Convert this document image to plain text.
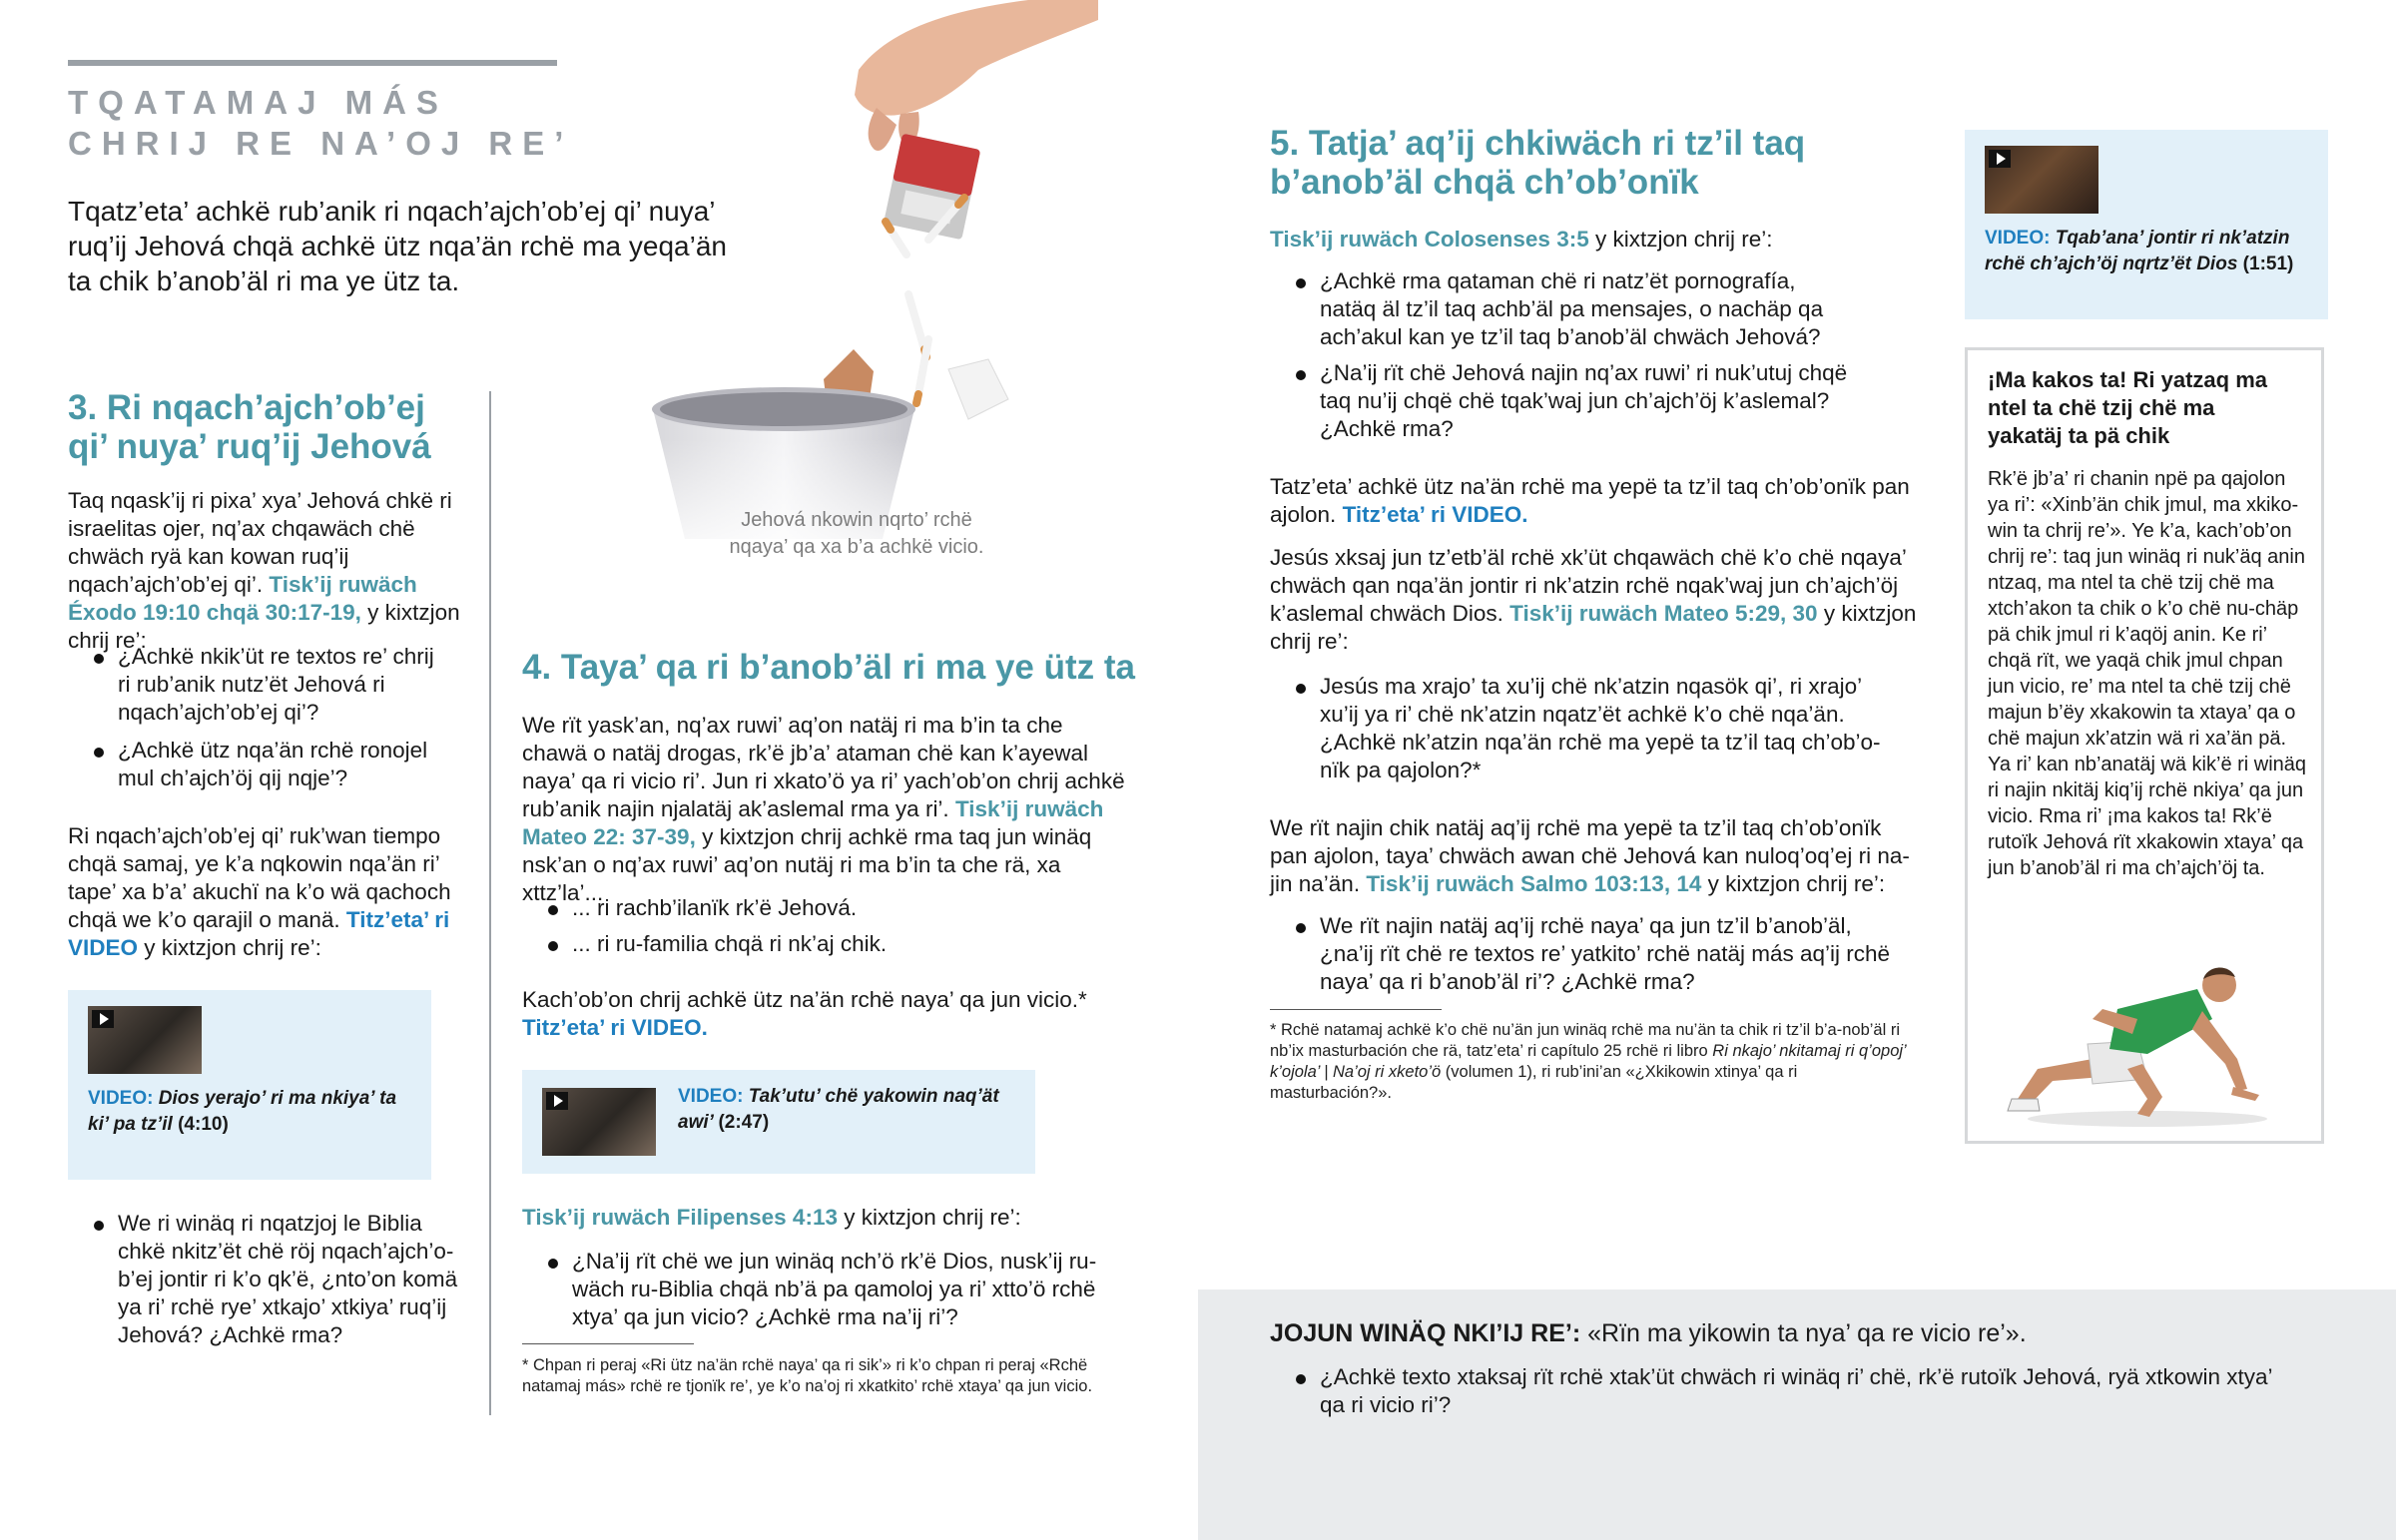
TQATAMAJ MÁS
CHRIJ RE NA’OJ RE’

Tqatz’eta’ achkë rub’anik ri nqach’ajch’ob’ej qi’ nuya’ ruq’ij Jehová chqä achkë ütz nqa’än rchë ma yeqa’än ta chik b’anob’äl ri ma ye ütz ta.

Jehová nkowin nqrto’ rchë nqaya’ qa xa b’a achkë vicio.
3. Ri nqach’ajch’ob’ej qi’ nuya’ ruq’ij Jehová

Taq nqask’ij ri pixa’ xya’ Jehová chkë ri israelitas ojer, nq’ax chqawäch chë chwäch ryä kan kowan ruq’ij nqach’ajch’ob’ej qi’. Tisk’ij ruwäch Éxodo 19:10 chqä 30:17-19, y kixtzjon chrij re’:

¿Achkë nkik’üt re textos re’ chrij ri rub’anik nutz’ët Jehová ri nqach’ajch’ob’ej qi’?
¿Achkë ütz nqa’än rchë ronojel mul ch’ajch’öj qij nqje’?

Ri nqach’ajch’ob’ej qi’ ruk’wan tiempo chqä samaj, ye k’a nqkowin nqa’än ri’ tape’ xa b’a’ akuchï na k’o wä qachoch chqä we k’o qarajil o manä. Titz’eta’ ri VIDEO y kixtzjon chrij re’:

VIDEO: Dios yerajo’ ri ma nkiya’ ta ki’ pa tz’il (4:10)
We ri winäq ri nqatzjoj le Biblia chkë nkitz’ët chë röj nqach’ajch’o-b’ej jontir ri k’o qk’ë, ¿nto’on komä ya ri’ rchë rye’ xtkajo’ xtkiya’ ruq’ij Jehová? ¿Achkë rma?
4. Taya’ qa ri b’anob’äl ri ma ye ütz ta

We rït yask’an, nq’ax ruwi’ aq’on natäj ri ma b’in ta che chawä o natäj drogas, rk’ë jb’a’ ataman chë kan k’ayewal naya’ qa ri vicio ri’. Jun ri xkato’ö ya ri’ yach’ob’on chrij achkë rub’anik najin njalatäj ak’aslemal rma ya ri’. Tisk’ij ruwäch Mateo 22: 37-39, y kixtzjon chrij achkë rma taq jun winäq nsk’an o nq’ax ruwi’ aq’on nutäj ri ma b’in ta che rä, xa xttz’la’...

... ri rachb’ilanïk rk’ë Jehová.
... ri ru-familia chqä ri nk’aj chik.

Kach’ob’on chrij achkë ütz na’än rchë naya’ qa jun vicio.*
Titz’eta’ ri VIDEO.

VIDEO: Tak’utu’ chë yakowin naq’ät awi’ (2:47)

Tisk’ij ruwäch Filipenses 4:13 y kixtzjon chrij re’:

¿Na’ij rït chë we jun winäq nch’ö rk’ë Dios, nusk’ij ru-wäch ru-Biblia chqä nb’ä pa qamoloj ya ri’ xtto’ö rchë xtya’ qa jun vicio? ¿Achkë rma na’ij ri’?

* Chpan ri peraj «Ri ütz na’än rchë naya’ qa ri sik’» ri k’o chpan ri peraj «Rchë natamaj más» rchë re tjonïk re’, ye k’o na’oj ri xkatkito’ rchë xtaya’ qa jun vicio.

5. Tatja’ aq’ij chkiwäch ri tz’il taq b’anob’äl chqä ch’ob’onïk

Tisk’ij ruwäch Colosenses 3:5 y kixtzjon chrij re’:

¿Achkë rma qataman chë ri natz’ët pornografía, natäq äl tz’il taq achb’äl pa mensajes, o nachäp qa ach’akul kan ye tz’il taq b’anob’äl chwäch Jehová?
¿Na’ij rït chë Jehová najin nq’ax ruwi’ ri nuk’utuj chqë taq nu’ij chqë chë tqak’waj jun ch’ajch’öj k’aslemal? ¿Achkë rma?

Tatz’eta’ achkë ütz na’än rchë ma yepë ta tz’il taq ch’ob’onïk pan ajolon. Titz’eta’ ri VIDEO.

Jesús xksaj jun tz’etb’äl rchë xk’üt chqawäch chë k’o chë nqaya’ chwäch qan nqa’än jontir ri nk’atzin rchë nqak’waj jun ch’ajch’öj k’aslemal chwäch Dios. Tisk’ij ruwäch Mateo 5:29, 30 y kixtzjon chrij re’:

Jesús ma xrajo’ ta xu’ij chë nk’atzin nqasök qi’, ri xrajo’ xu’ij ya ri’ chë nk’atzin nqatz’ët achkë k’o chë nqa’än. ¿Achkë nk’atzin nqa’än rchë ma yepë ta tz’il taq ch’ob’o-nïk pa qajolon?*

We rït najin chik natäj aq’ij rchë ma yepë ta tz’il taq ch’ob’onïk pan ajolon, taya’ chwäch awan chë Jehová kan nuloq’oq’ej ri na-jin na’än. Tisk’ij ruwäch Salmo 103:13, 14 y kixtzjon chrij re’:

We rït najin natäj aq’ij rchë naya’ qa jun tz’il b’anob’äl, ¿na’ij rït chë re textos re’ yatkito’ rchë natäj más aq’ij rchë naya’ qa ri b’anob’äl ri’? ¿Achkë rma?

* Rchë natamaj achkë k’o chë nu’än jun winäq rchë ma nu’än ta chik ri tz’il b’a-nob’äl ri nb’ix masturbación che rä, tatz’eta’ ri capítulo 25 rchë ri libro Ri nkajo’ nkitamaj ri q’opoj’ k’ojola’ | Na’oj ri xketo’ö (volumen 1), ri rub’ini’an «¿Xkikowin xtinya’ qa ri masturbación?».

VIDEO: Tqab’ana’ jontir ri nk’atzin rchë ch’ajch’öj nqrtz’ët Dios (1:51)
¡Ma kakos ta! Ri yatzaq ma ntel ta chë tzij chë ma yakatäj ta pä chik

Rk’ë jb’a’ ri chanin npë pa qajolon ya ri’: «Xinb’än chik jmul, ma xkiko-win ta chrij re’». Ye k’a, kach’ob’on chrij re’: taq jun winäq ri nuk’äq anin ntzaq, ma ntel ta chë tzij chë ma xtch’akon ta chik o k’o chë nu-chäp pä chik jmul ri k’aqöj anin. Ke ri’ chqä rït, we yaqä chik jmul chpan jun vicio, re’ ma ntel ta chë tzij chë majun b’ëy xkakowin ta xtaya’ qa o chë majun xk’atzin wä ri xa’än pä. Ya ri’ kan nb’anatäj wä kik’ë ri winäq ri najin nkitäj kiq’ij rchë nkiya’ qa jun vicio. Rma ri’ ¡ma kakos ta! Rk’ë rutoïk Jehová rït xkakowin xtaya’ qa jun b’anob’äl ri ma ch’ajch’öj ta.

JOJUN WINÄQ NKI’IJ RE’: «Rïn ma yikowin ta nya’ qa re vicio re’».

¿Achkë texto xtaksaj rït rchë xtak’üt chwäch ri winäq ri’ chë, rk’ë rutoïk Jehová, ryä xtkowin xtya’ qa ri vicio ri’?
